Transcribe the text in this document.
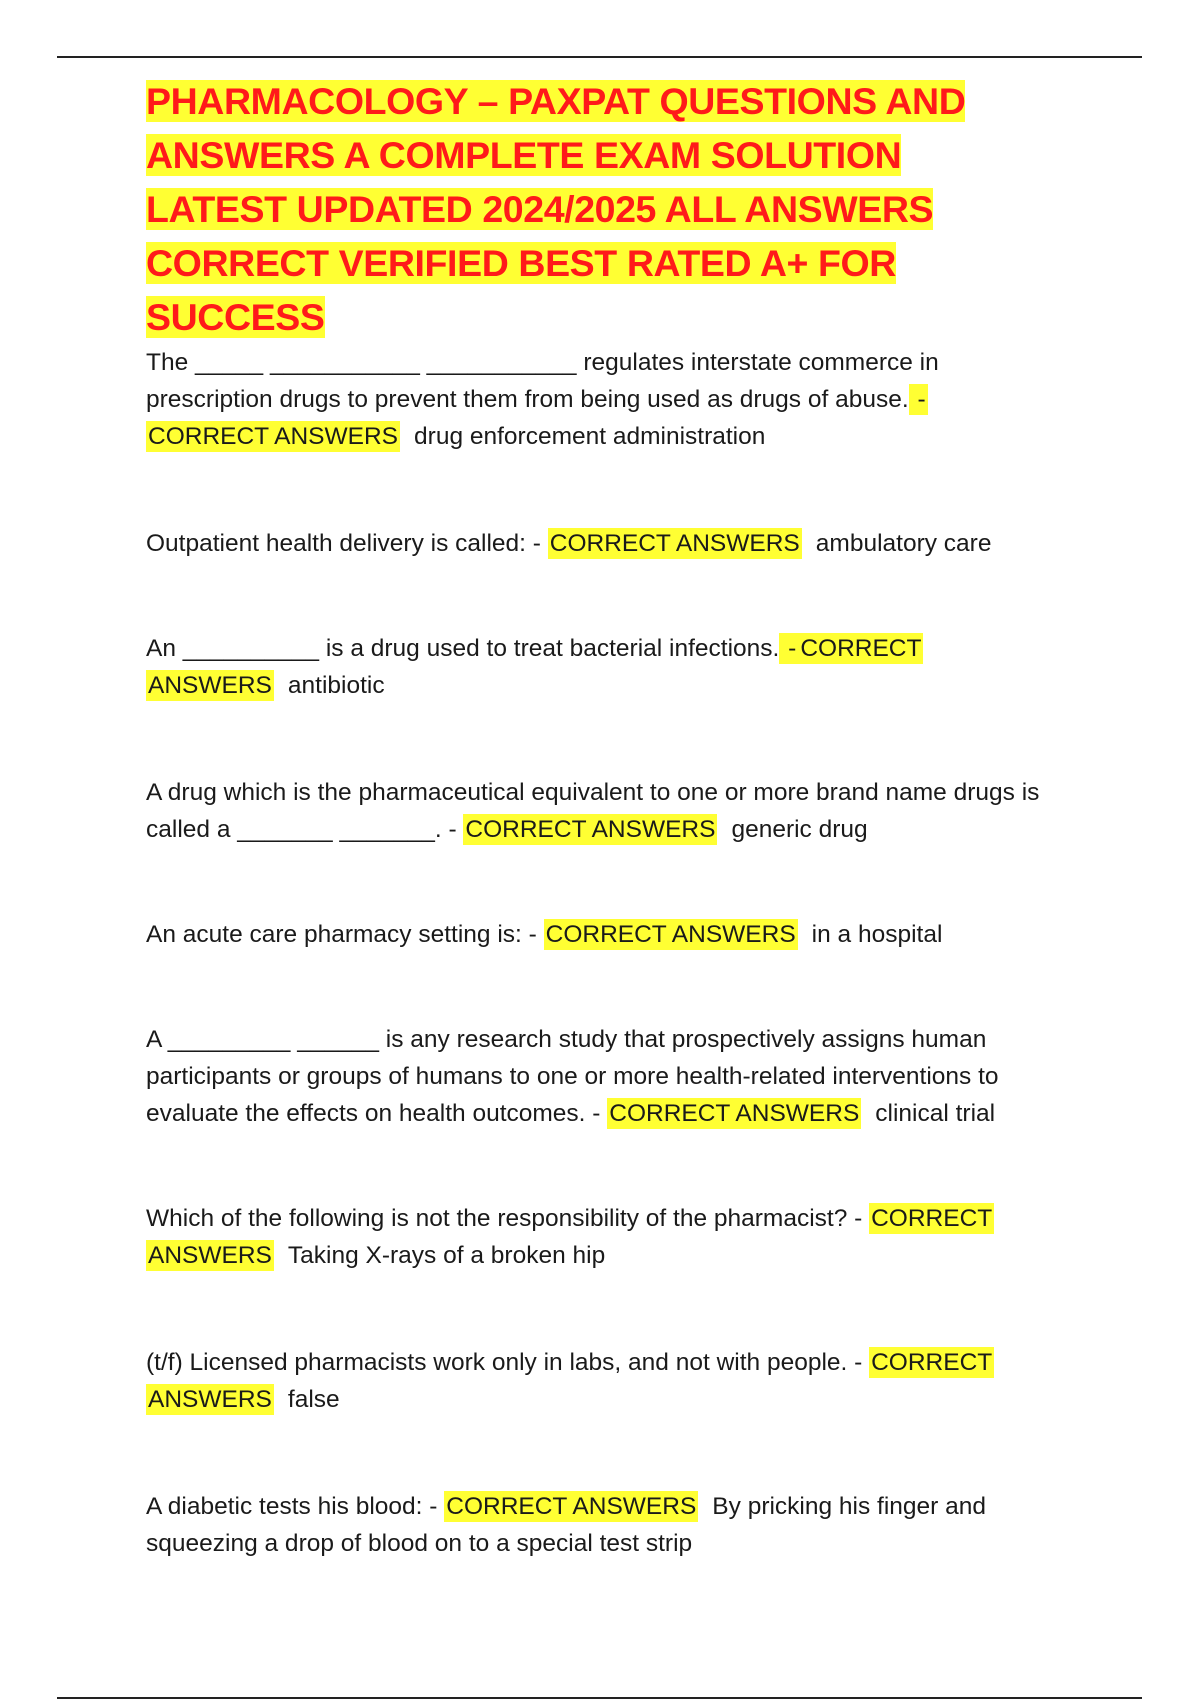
PHARMACOLOGY – PAXPAT QUESTIONS AND ANSWERS A COMPLETE EXAM SOLUTION LATEST UPDATED 2024/2025 ALL ANSWERS CORRECT VERIFIED BEST RATED A+ FOR SUCCESS

The _____ ___________ ___________ regulates interstate commerce in prescription drugs to prevent them from being used as drugs of abuse. -
CORRECT ANSWERS drug enforcement administration

Outpatient health delivery is called: - CORRECT ANSWERS ambulatory care

An __________ is a drug used to treat bacterial infections. - CORRECT ANSWERS antibiotic

A drug which is the pharmaceutical equivalent to one or more brand name drugs is called a _______ _______. - CORRECT ANSWERS generic drug

An acute care pharmacy setting is: - CORRECT ANSWERS in a hospital

A _________ ______ is any research study that prospectively assigns human participants or groups of humans to one or more health-related interventions to evaluate the effects on health outcomes. - CORRECT ANSWERS clinical trial

Which of the following is not the responsibility of the pharmacist? - CORRECT ANSWERS Taking X-rays of a broken hip

(t/f) Licensed pharmacists work only in labs, and not with people. - CORRECT ANSWERS false

A diabetic tests his blood: - CORRECT ANSWERS By pricking his finger and squeezing a drop of blood on to a special test strip
